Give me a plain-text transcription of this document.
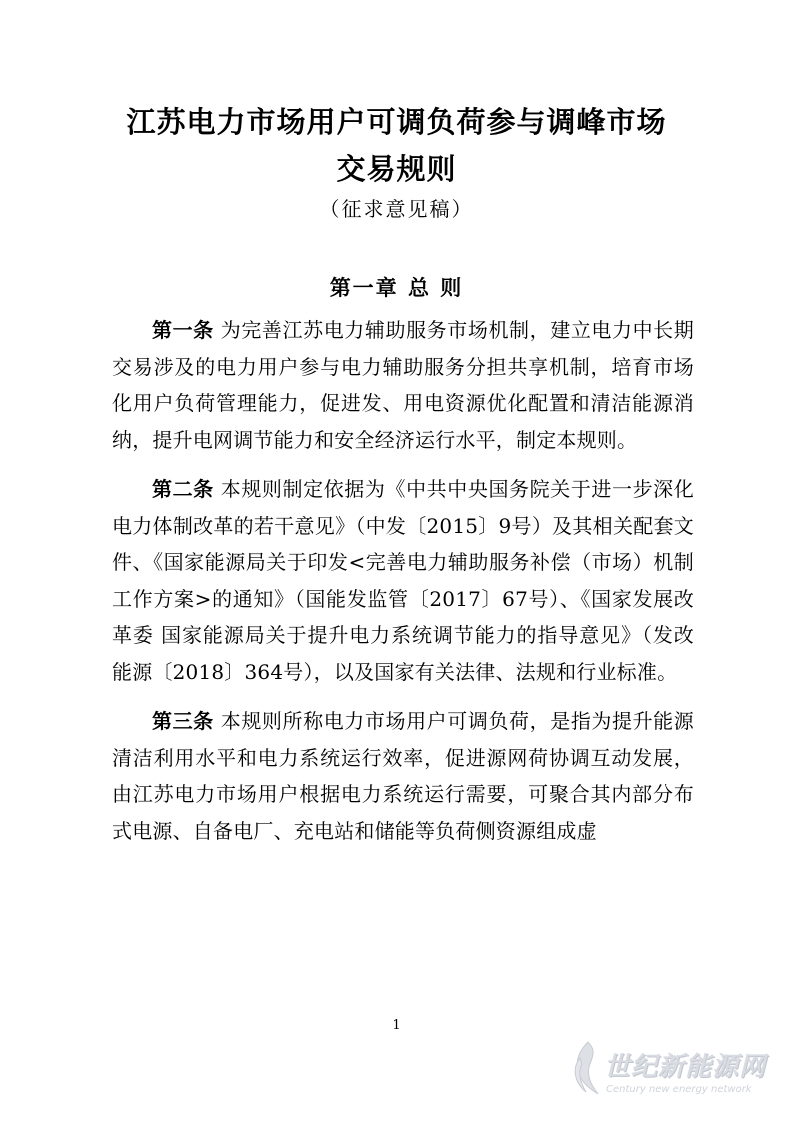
江苏电力市场用户可调负荷参与调峰市场
交易规则
（征求意见稿）
第一章 总 则

第一条 为完善江苏电力辅助服务市场机制，建立电力中长期交易涉及的电力用户参与电力辅助服务分担共享机制，培育市场化用户负荷管理能力，促进发、用电资源优化配置和清洁能源消纳，提升电网调节能力和安全经济运行水平，制定本规则。

第二条 本规则制定依据为《中共中央国务院关于进一步深化电力体制改革的若干意见》（中发〔2015〕9号）及其相关配套文件、《国家能源局关于印发<完善电力辅助服务补偿（市场）机制工作方案>的通知》（国能发监管〔2017〕67号）、《国家发展改革委 国家能源局关于提升电力系统调节能力的指导意见》（发改能源〔2018〕364号），以及国家有关法律、法规和行业标准。

第三条 本规则所称电力市场用户可调负荷，是指为提升能源清洁利用水平和电力系统运行效率，促进源网荷协调互动发展，由江苏电力市场用户根据电力系统运行需要，可聚合其内部分布式电源、自备电厂、充电站和储能等负荷侧资源组成虚

1
世纪新能源网
Century new energy network
